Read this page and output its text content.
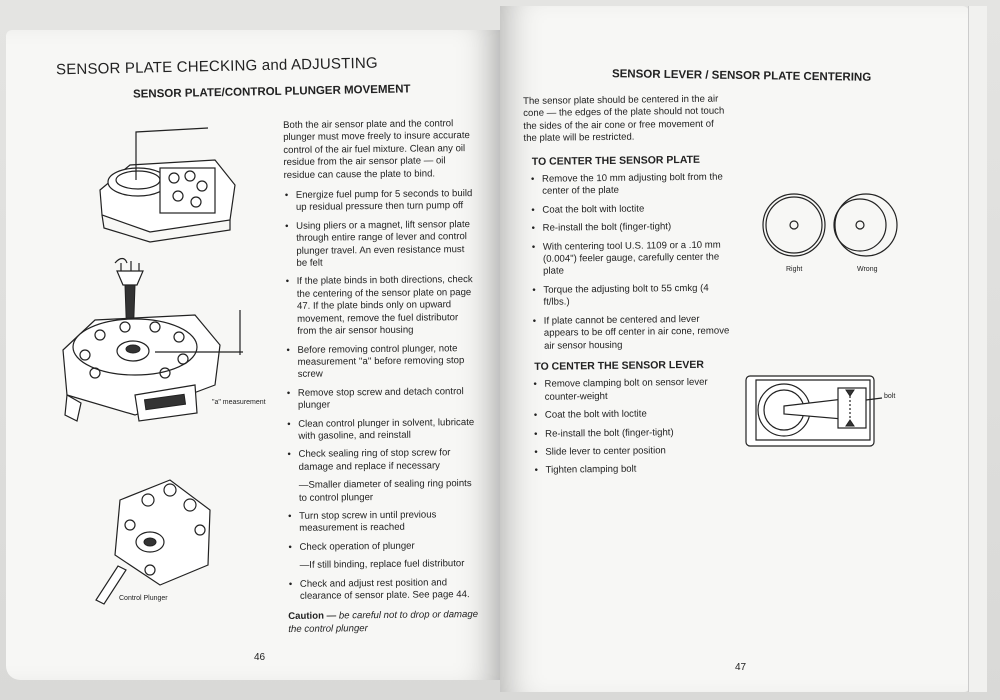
SENSOR PLATE CHECKING and ADJUSTING
SENSOR PLATE/CONTROL PLUNGER MOVEMENT
"a" measurement
Control Plunger

Both the air sensor plate and the control plunger must move freely to insure accurate control of the air fuel mixture. Clean any oil residue from the air sensor plate — oil residue can cause the plate to bind.

• Energize fuel pump for 5 seconds to build up residual pressure then turn pump off
• Using pliers or a magnet, lift sensor plate through entire range of lever and control plunger travel. An even resistance must be felt
• If the plate binds in both directions, check the centering of the sensor plate on page 47. If the plate binds only on upward movement, remove the fuel distributor from the air sensor housing
• Before removing control plunger, note measurement ''a'' before removing stop screw
• Remove stop screw and detach control plunger
• Clean control plunger in solvent, lubricate with gasoline, and reinstall
• Check sealing ring of stop screw for damage and replace if necessary
—Smaller diameter of sealing ring points to control plunger
• Turn stop screw in until previous measurement is reached
• Check operation of plunger
—If still binding, replace fuel distributor
• Check and adjust rest position and clearance of sensor plate. See page 44.

Caution — be careful not to drop or damage the control plunger

46
SENSOR LEVER / SENSOR PLATE CENTERING

The sensor plate should be centered in the air cone — the edges of the plate should not touch the sides of the air cone or free movement of the plate will be restricted.

TO CENTER THE SENSOR PLATE
• Remove the 10 mm adjusting bolt from the center of the plate
• Coat the bolt with loctite
• Re-install the bolt (finger-tight)
• With centering tool U.S. 1109 or a .10 mm (0.004") feeler gauge, carefully center the plate
• Torque the adjusting bolt to 55 cmkg (4 ft/lbs.)
• If plate cannot be centered and lever appears to be off center in air cone, remove air sensor housing
TO CENTER THE SENSOR LEVER
• Remove clamping bolt on sensor lever counter-weight
• Coat the bolt with loctite
• Re-install the bolt (finger-tight)
• Slide lever to center position
• Tighten clamping bolt
Right	Wrong
bolt
47
